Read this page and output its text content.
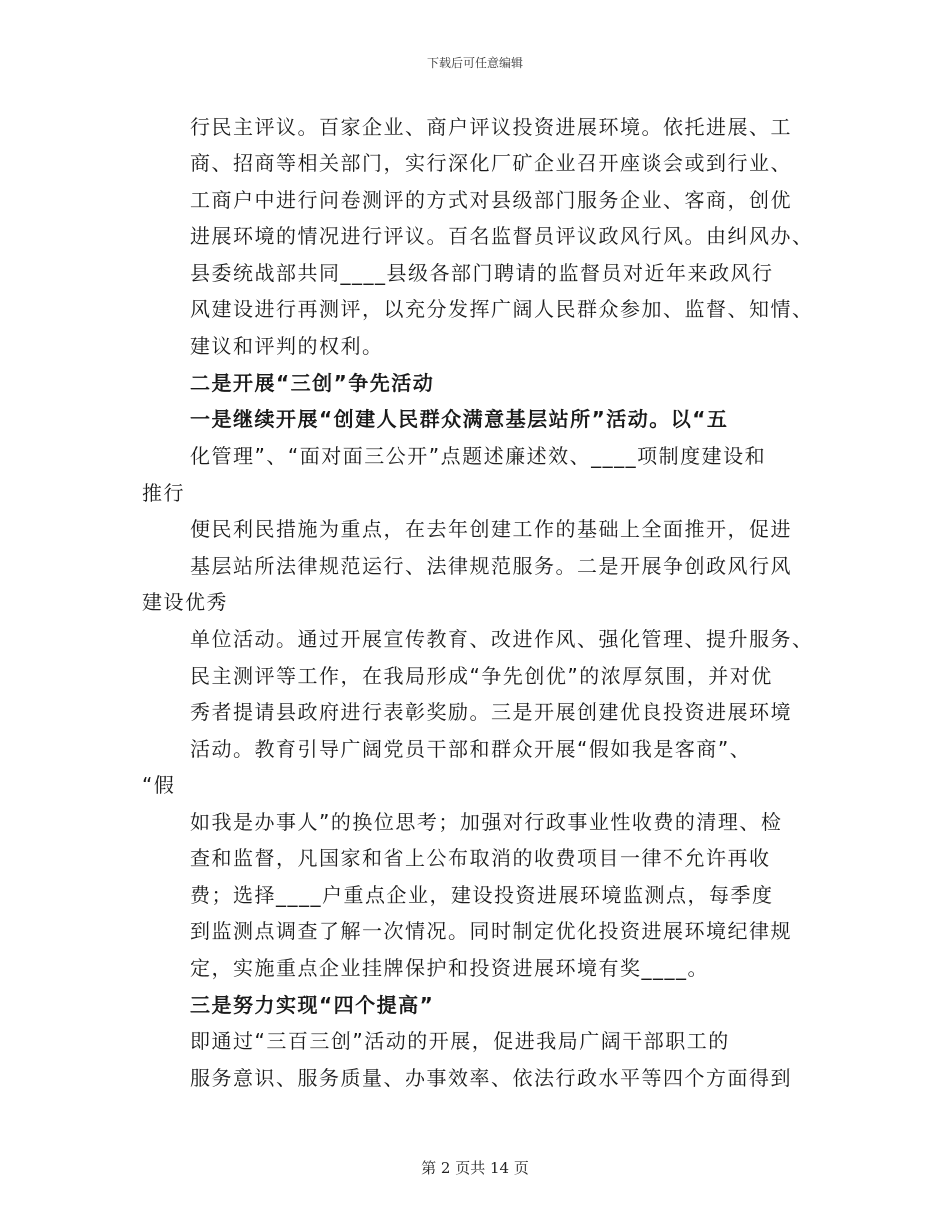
下载后可任意编辑
行民主评议。百家企业、商户评议投资进展环境。依托进展、工
商、招商等相关部门，实行深化厂矿企业召开座谈会或到行业、
工商户中进行问卷测评的方式对县级部门服务企业、客商，创优
进展环境的情况进行评议。百名监督员评议政风行风。由纠风办、
县委统战部共同____县级各部门聘请的监督员对近年来政风行
风建设进行再测评，以充分发挥广阔人民群众参加、监督、知情、
建议和评判的权利。
二是开展“三创”争先活动
一是继续开展“创建人民群众满意基层站所”活动。以“五
化管理”、“面对面三公开”点题述廉述效、____项制度建设和
推行
便民利民措施为重点，在去年创建工作的基础上全面推开，促进
基层站所法律规范运行、法律规范服务。二是开展争创政风行风
建设优秀
单位活动。通过开展宣传教育、改进作风、强化管理、提升服务、
民主测评等工作，在我局形成“争先创优”的浓厚氛围，并对优
秀者提请县政府进行表彰奖励。三是开展创建优良投资进展环境
活动。教育引导广阔党员干部和群众开展“假如我是客商”、
“假
如我是办事人”的换位思考；加强对行政事业性收费的清理、检
查和监督，凡国家和省上公布取消的收费项目一律不允许再收
费；选择____户重点企业，建设投资进展环境监测点，每季度
到监测点调查了解一次情况。同时制定优化投资进展环境纪律规
定，实施重点企业挂牌保护和投资进展环境有奖____。
三是努力实现“四个提高”
即通过“三百三创”活动的开展，促进我局广阔干部职工的
服务意识、服务质量、办事效率、依法行政水平等四个方面得到
第 2 页共 14 页
